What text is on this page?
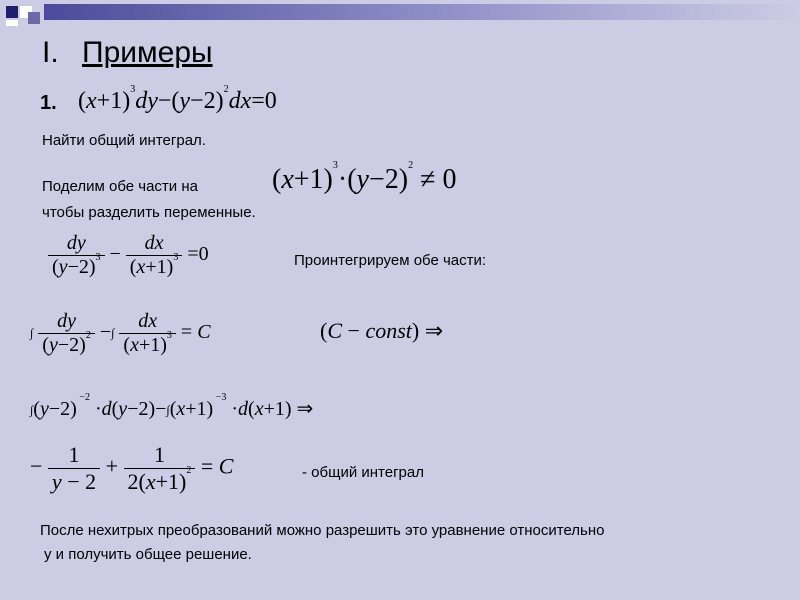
I. Примеры
1. $(x+1)^3dy-(y-2)^2dx=0$
Найти общий интеграл.
Поделим обе части на
чтобы разделить переменные.
$(x+1)^3\cdot(y-2)^2 \ne 0$
$\frac{dy}{(y-2)^3} - \frac{dx}{(x+1)^3} =0$	Проинтегрируем обе части:
∫ $\frac{dy}{(y-2)^2}$ −∫ $\frac{dx}{(x+1)^3} = C$	(C − const) ⇒
∫(y−2) $^{-2}$ ·d(y−2)−∫(x+1) $^{-3}$ ·d(x+1) ⇒
− $\frac{1}{y - 2} + \frac{1}{2(x+1)^2} = C$	- общий интеграл
После нехитрых преобразований можно разрешить это уравнение относительно
у и получить общее решение.
